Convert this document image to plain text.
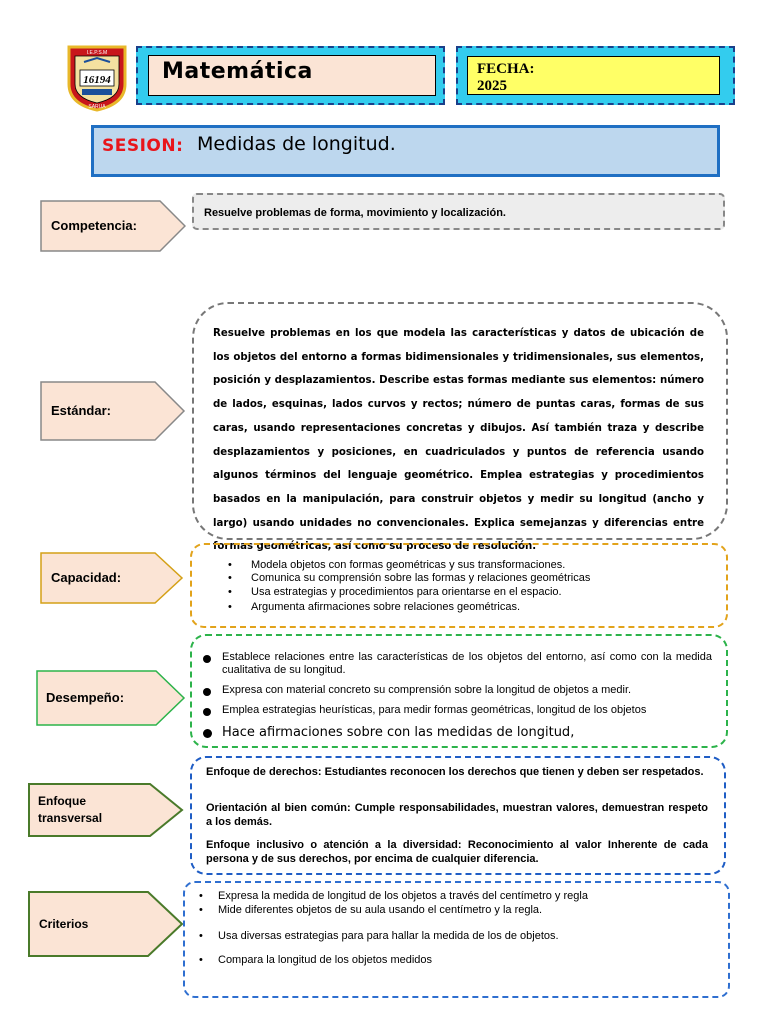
I.E.P.S.M
16194
SARUA
Matemática	FECHA:
2025
SESION: Medidas de longitud.
Competencia:
Resuelve problemas de forma, movimiento y localización.
Estándar:
Resuelve problemas en los que modela las características y datos de ubicación de los objetos del entorno a formas bidimensionales y tridimensionales, sus elementos, posición y desplazamientos. Describe estas formas mediante sus elementos: número de lados, esquinas, lados curvos y rectos; número de puntas caras, formas de sus caras, usando representaciones concretas y dibujos. Así también traza y describe desplazamientos y posiciones, en cuadriculados y puntos de referencia usando algunos términos del lenguaje geométrico. Emplea estrategias y procedimientos basados en la manipulación, para construir objetos y medir su longitud (ancho y largo) usando unidades no convencionales. Explica semejanzas y diferencias entre formas geométricas, así como su proceso de resolución.
Capacidad:
• Modela objetos con formas geométricas y sus transformaciones.
• Comunica su comprensión sobre las formas y relaciones geométricas
• Usa estrategias y procedimientos para orientarse en el espacio.
• Argumenta afirmaciones sobre relaciones geométricas.
Desempeño:
Establece relaciones entre las características de los objetos del entorno, así como con la medida cualitativa de su longitud.
Expresa con material concreto su comprensión sobre la longitud de objetos a medir.
Emplea estrategias heurísticas, para medir formas geométricas, longitud de los objetos
Hace afirmaciones sobre con las medidas de longitud,
Enfoque transversal
Enfoque de derechos: Estudiantes reconocen los derechos que tienen y deben ser respetados.
Orientación al bien común: Cumple responsabilidades, muestran valores, demuestran respeto a los demás.
Enfoque inclusivo o atención a la diversidad: Reconocimiento al valor Inherente de cada persona y de sus derechos, por encima de cualquier diferencia.
Criterios
• Expresa la medida de longitud de los objetos a través del centímetro y regla
• Mide diferentes objetos de su aula usando el centímetro y la regla.
• Usa diversas estrategias para para hallar la medida de los de objetos.
• Compara la longitud de los objetos medidos
